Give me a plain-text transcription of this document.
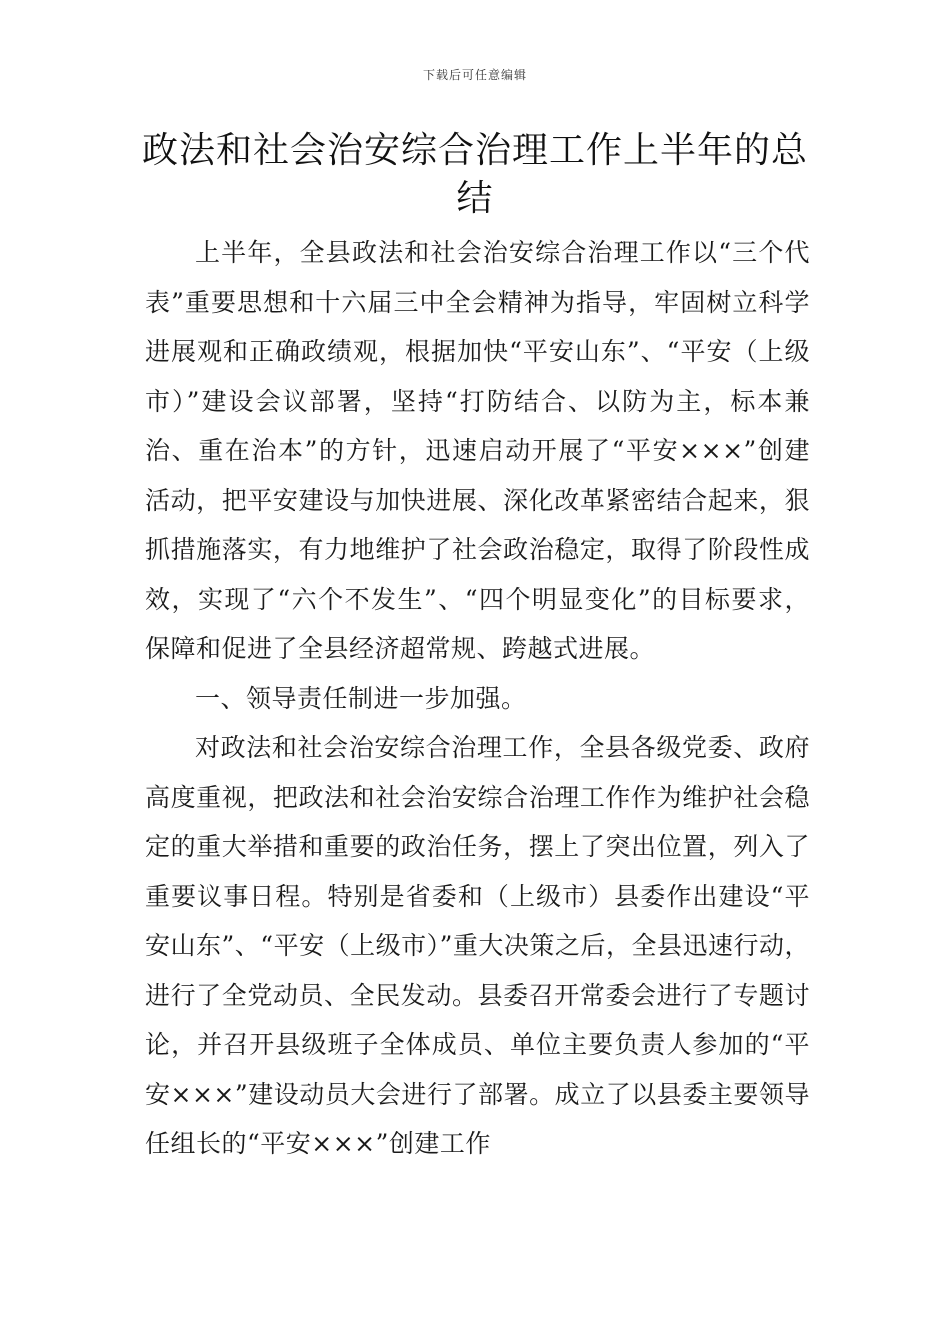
下载后可任意编辑
政法和社会治安综合治理工作上半年的总结

上半年，全县政法和社会治安综合治理工作以“三个代表”重要思想和十六届三中全会精神为指导，牢固树立科学进展观和正确政绩观，根据加快“平安山东”、“平安（上级市）”建设会议部署，坚持“打防结合、以防为主，标本兼治、重在治本”的方针，迅速启动开展了“平安×××”创建活动，把平安建设与加快进展、深化改革紧密结合起来，狠抓措施落实，有力地维护了社会政治稳定，取得了阶段性成效，实现了“六个不发生”、“四个明显变化”的目标要求，保障和促进了全县经济超常规、跨越式进展。

一、领导责任制进一步加强。

对政法和社会治安综合治理工作，全县各级党委、政府高度重视，把政法和社会治安综合治理工作作为维护社会稳定的重大举措和重要的政治任务，摆上了突出位置，列入了重要议事日程。特别是省委和（上级市）县委作出建设“平安山东”、“平安（上级市）”重大决策之后，全县迅速行动，进行了全党动员、全民发动。县委召开常委会进行了专题讨论，并召开县级班子全体成员、单位主要负责人参加的“平安×××”建设动员大会进行了部署。成立了以县委主要领导任组长的“平安×××”创建工作
